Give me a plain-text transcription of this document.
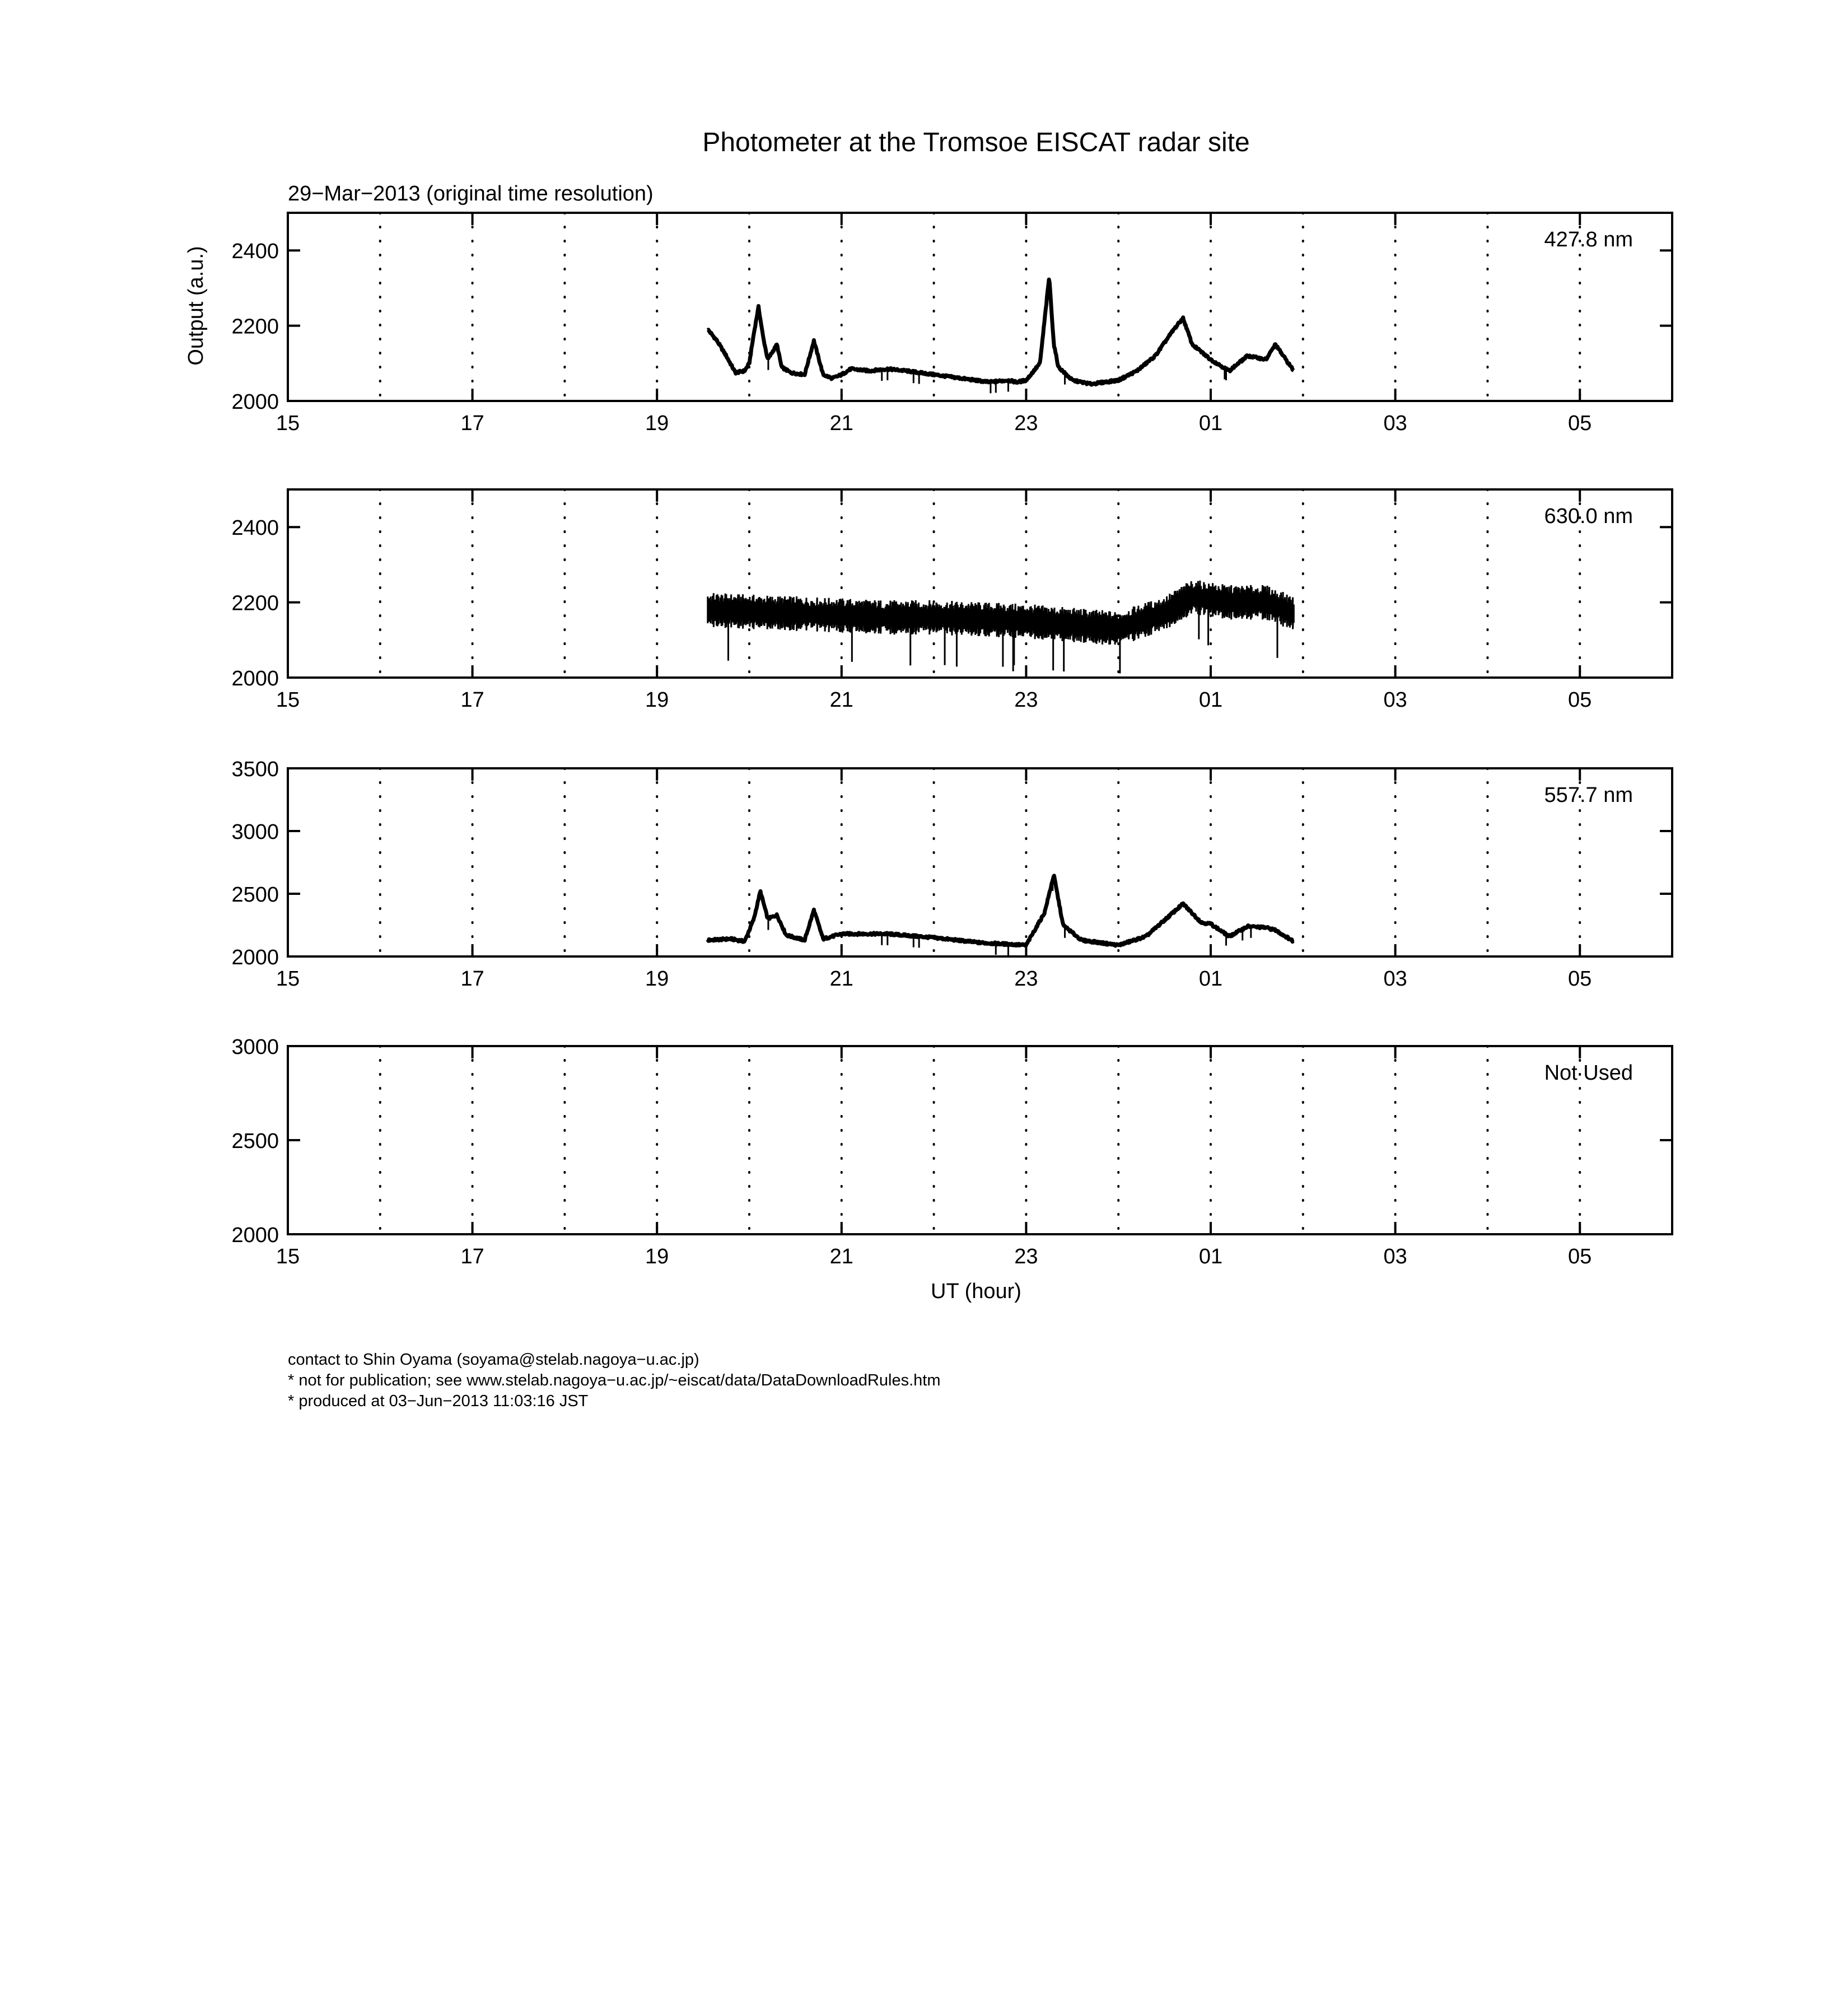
Photometer at the Tromsoe EISCAT radar site
29−Mar−2013 (original time resolution)
Output (a.u.)
UT (hour)
15	17	19	21	23	01	03	05
2000
2200
2400
427.8 nm
15	17	19	21	23	01	03	05
2000
2200
2400
630.0 nm
15	17	19	21	23	01	03	05
2000
2500
3000
3500
557.7 nm
15	17	19	21	23	01	03	05
2000
2500
3000
Not Used
contact to Shin Oyama (soyama@stelab.nagoya−u.ac.jp)
* not for publication; see www.stelab.nagoya−u.ac.jp/~eiscat/data/DataDownloadRules.htm
* produced at 03−Jun−2013 11:03:16 JST
